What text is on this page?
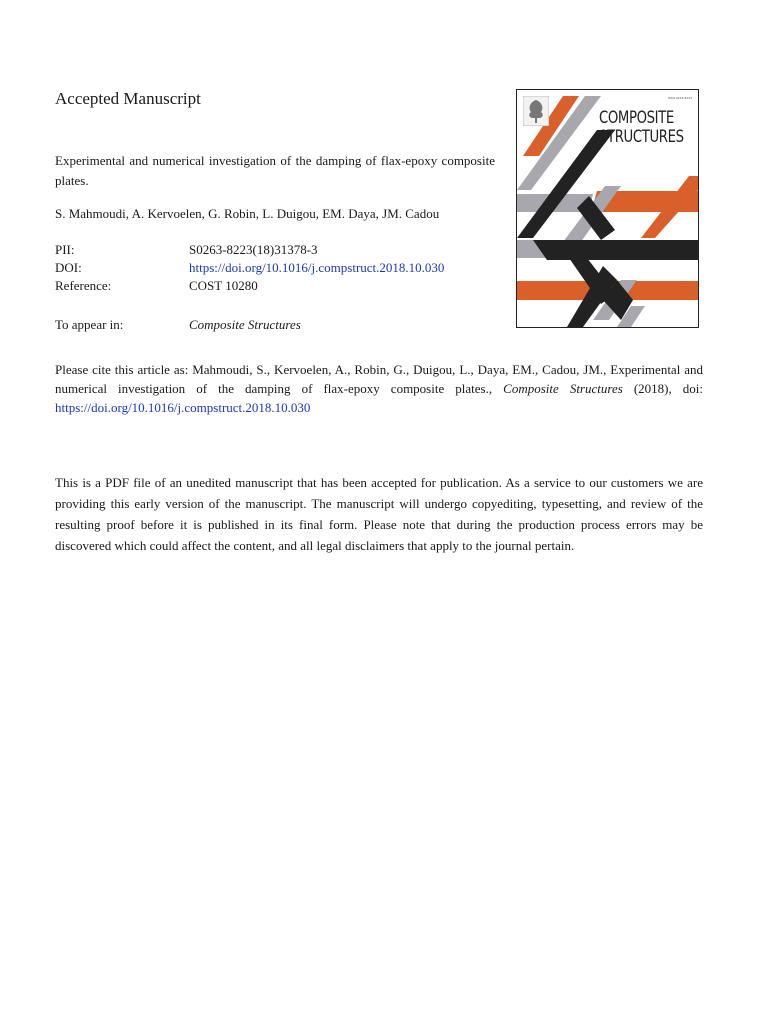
Accepted Manuscript

Experimental and numerical investigation of the damping of flax-epoxy composite plates.

S. Mahmoudi, A. Kervoelen, G. Robin, L. Duigou, EM. Daya, JM. Cadou

PII:	S0263-8223(18)31378-3
DOI:	https://doi.org/10.1016/j.compstruct.2018.10.030
Reference:	COST 10280
To appear in:	Composite Structures

Please cite this article as: Mahmoudi, S., Kervoelen, A., Robin, G., Duigou, L., Daya, EM., Cadou, JM., Experimental and numerical investigation of the damping of flax-epoxy composite plates., Composite Structures (2018), doi: https://doi.org/10.1016/j.compstruct.2018.10.030

This is a PDF file of an unedited manuscript that has been accepted for publication. As a service to our customers we are providing this early version of the manuscript. The manuscript will undergo copyediting, typesetting, and review of the resulting proof before it is published in its final form. Please note that during the production process errors may be discovered which could affect the content, and all legal disclaimers that apply to the journal pertain.

ISSN 0263-8223
COMPOSITE
STRUCTURES
